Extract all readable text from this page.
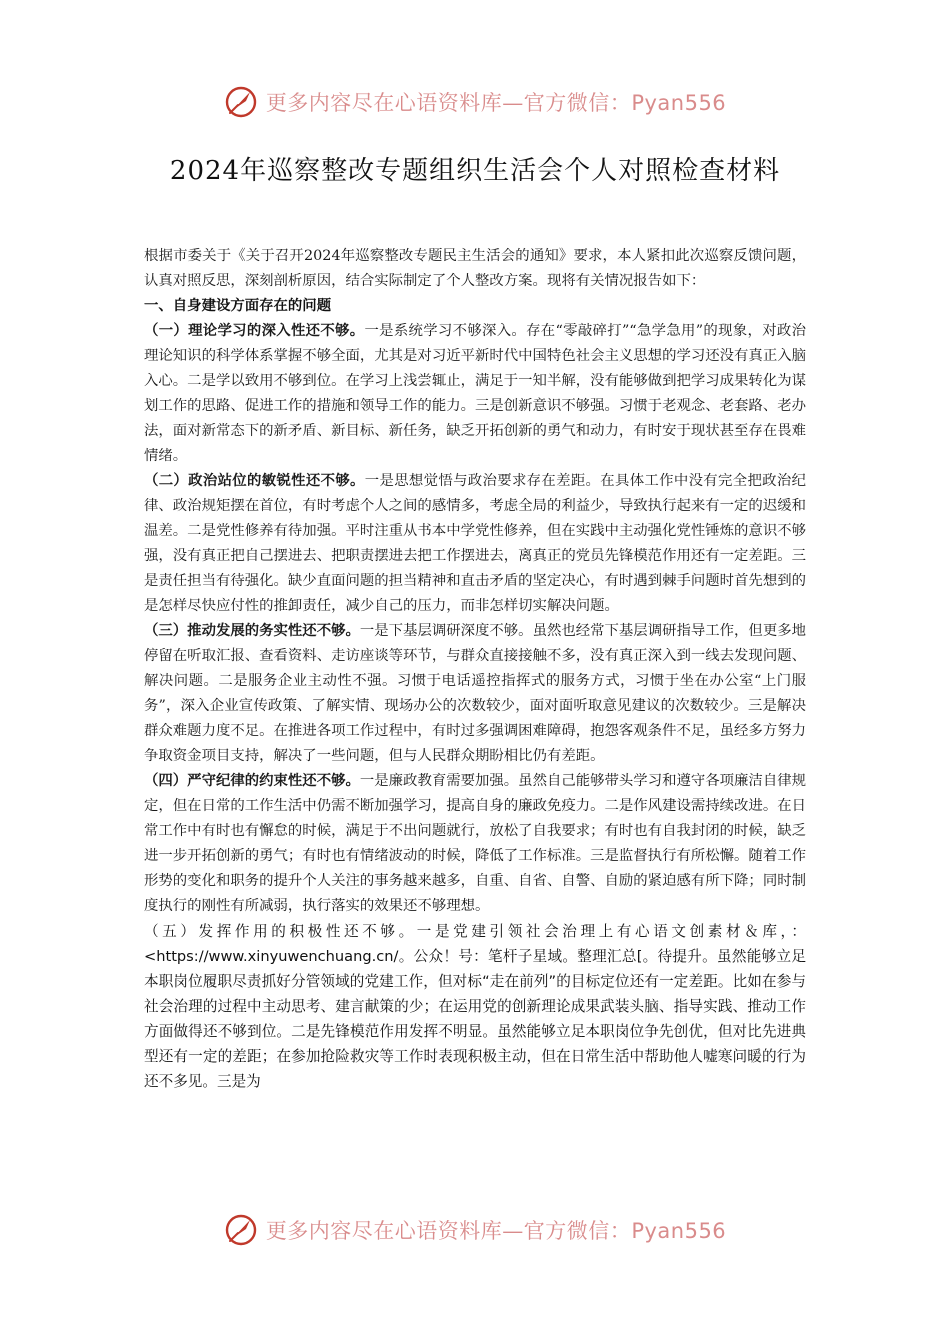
更多内容尽在心语资料库—官方微信：Pyan556
2024年巡察整改专题组织生活会个人对照检查材料

根据市委关于《关于召开2024年巡察整改专题民主生活会的通知》要求，本人紧扣此次巡察反馈问题，认真对照反思，深刻剖析原因，结合实际制定了个人整改方案。现将有关情况报告如下：

一、自身建设方面存在的问题

（一）理论学习的深入性还不够。一是系统学习不够深入。存在“零敲碎打”“急学急用”的现象，对政治理论知识的科学体系掌握不够全面，尤其是对习近平新时代中国特色社会主义思想的学习还没有真正入脑入心。二是学以致用不够到位。在学习上浅尝辄止，满足于一知半解，没有能够做到把学习成果转化为谋划工作的思路、促进工作的措施和领导工作的能力。三是创新意识不够强。习惯于老观念、老套路、老办法，面对新常态下的新矛盾、新目标、新任务，缺乏开拓创新的勇气和动力，有时安于现状甚至存在畏难情绪。

（二）政治站位的敏锐性还不够。一是思想觉悟与政治要求存在差距。在具体工作中没有完全把政治纪律、政治规矩摆在首位，有时考虑个人之间的感情多，考虑全局的利益少，导致执行起来有一定的迟缓和温差。二是党性修养有待加强。平时注重从书本中学党性修养，但在实践中主动强化党性锤炼的意识不够强，没有真正把自己摆进去、把职责摆进去把工作摆进去，离真正的党员先锋模范作用还有一定差距。三是责任担当有待强化。缺少直面问题的担当精神和直击矛盾的坚定决心，有时遇到棘手问题时首先想到的是怎样尽快应付性的推卸责任，减少自己的压力，而非怎样切实解决问题。

（三）推动发展的务实性还不够。一是下基层调研深度不够。虽然也经常下基层调研指导工作，但更多地停留在听取汇报、查看资料、走访座谈等环节，与群众直接接触不多，没有真正深入到一线去发现问题、解决问题。二是服务企业主动性不强。习惯于电话遥控指挥式的服务方式，习惯于坐在办公室“上门服务”，深入企业宣传政策、了解实情、现场办公的次数较少，面对面听取意见建议的次数较少。三是解决群众难题力度不足。在推进各项工作过程中，有时过多强调困难障碍，抱怨客观条件不足，虽经多方努力争取资金项目支持，解决了一些问题，但与人民群众期盼相比仍有差距。

（四）严守纪律的约束性还不够。一是廉政教育需要加强。虽然自己能够带头学习和遵守各项廉洁自律规定，但在日常的工作生活中仍需不断加强学习，提高自身的廉政免疫力。二是作风建设需持续改进。在日常工作中有时也有懈怠的时候，满足于不出问题就行，放松了自我要求；有时也有自我封闭的时候，缺乏进一步开拓创新的勇气；有时也有情绪波动的时候，降低了工作标准。三是监督执行有所松懈。随着工作形势的变化和职务的提升个人关注的事务越来越多，自重、自省、自警、自励的紧迫感有所下降；同时制度执行的刚性有所减弱，执行落实的效果还不够理想。

（五）发挥作用的积极性还不够。一是党建引领社会治理上有心语文创素材＆库，：<https://www.xinyuwenchuang.cn/。公众！号：笔杆子星域。整理汇总[。待提升。虽然能够立足本职岗位履职尽责抓好分管领域的党建工作，但对标“走在前列”的目标定位还有一定差距。比如在参与社会治理的过程中主动思考、建言献策的少；在运用党的创新理论成果武装头脑、指导实践、推动工作方面做得还不够到位。二是先锋模范作用发挥不明显。虽然能够立足本职岗位争先创优，但对比先进典型还有一定的差距；在参加抢险救灾等工作时表现积极主动，但在日常生活中帮助他人嘘寒问暖的行为还不多见。三是为

更多内容尽在心语资料库—官方微信：Pyan556
